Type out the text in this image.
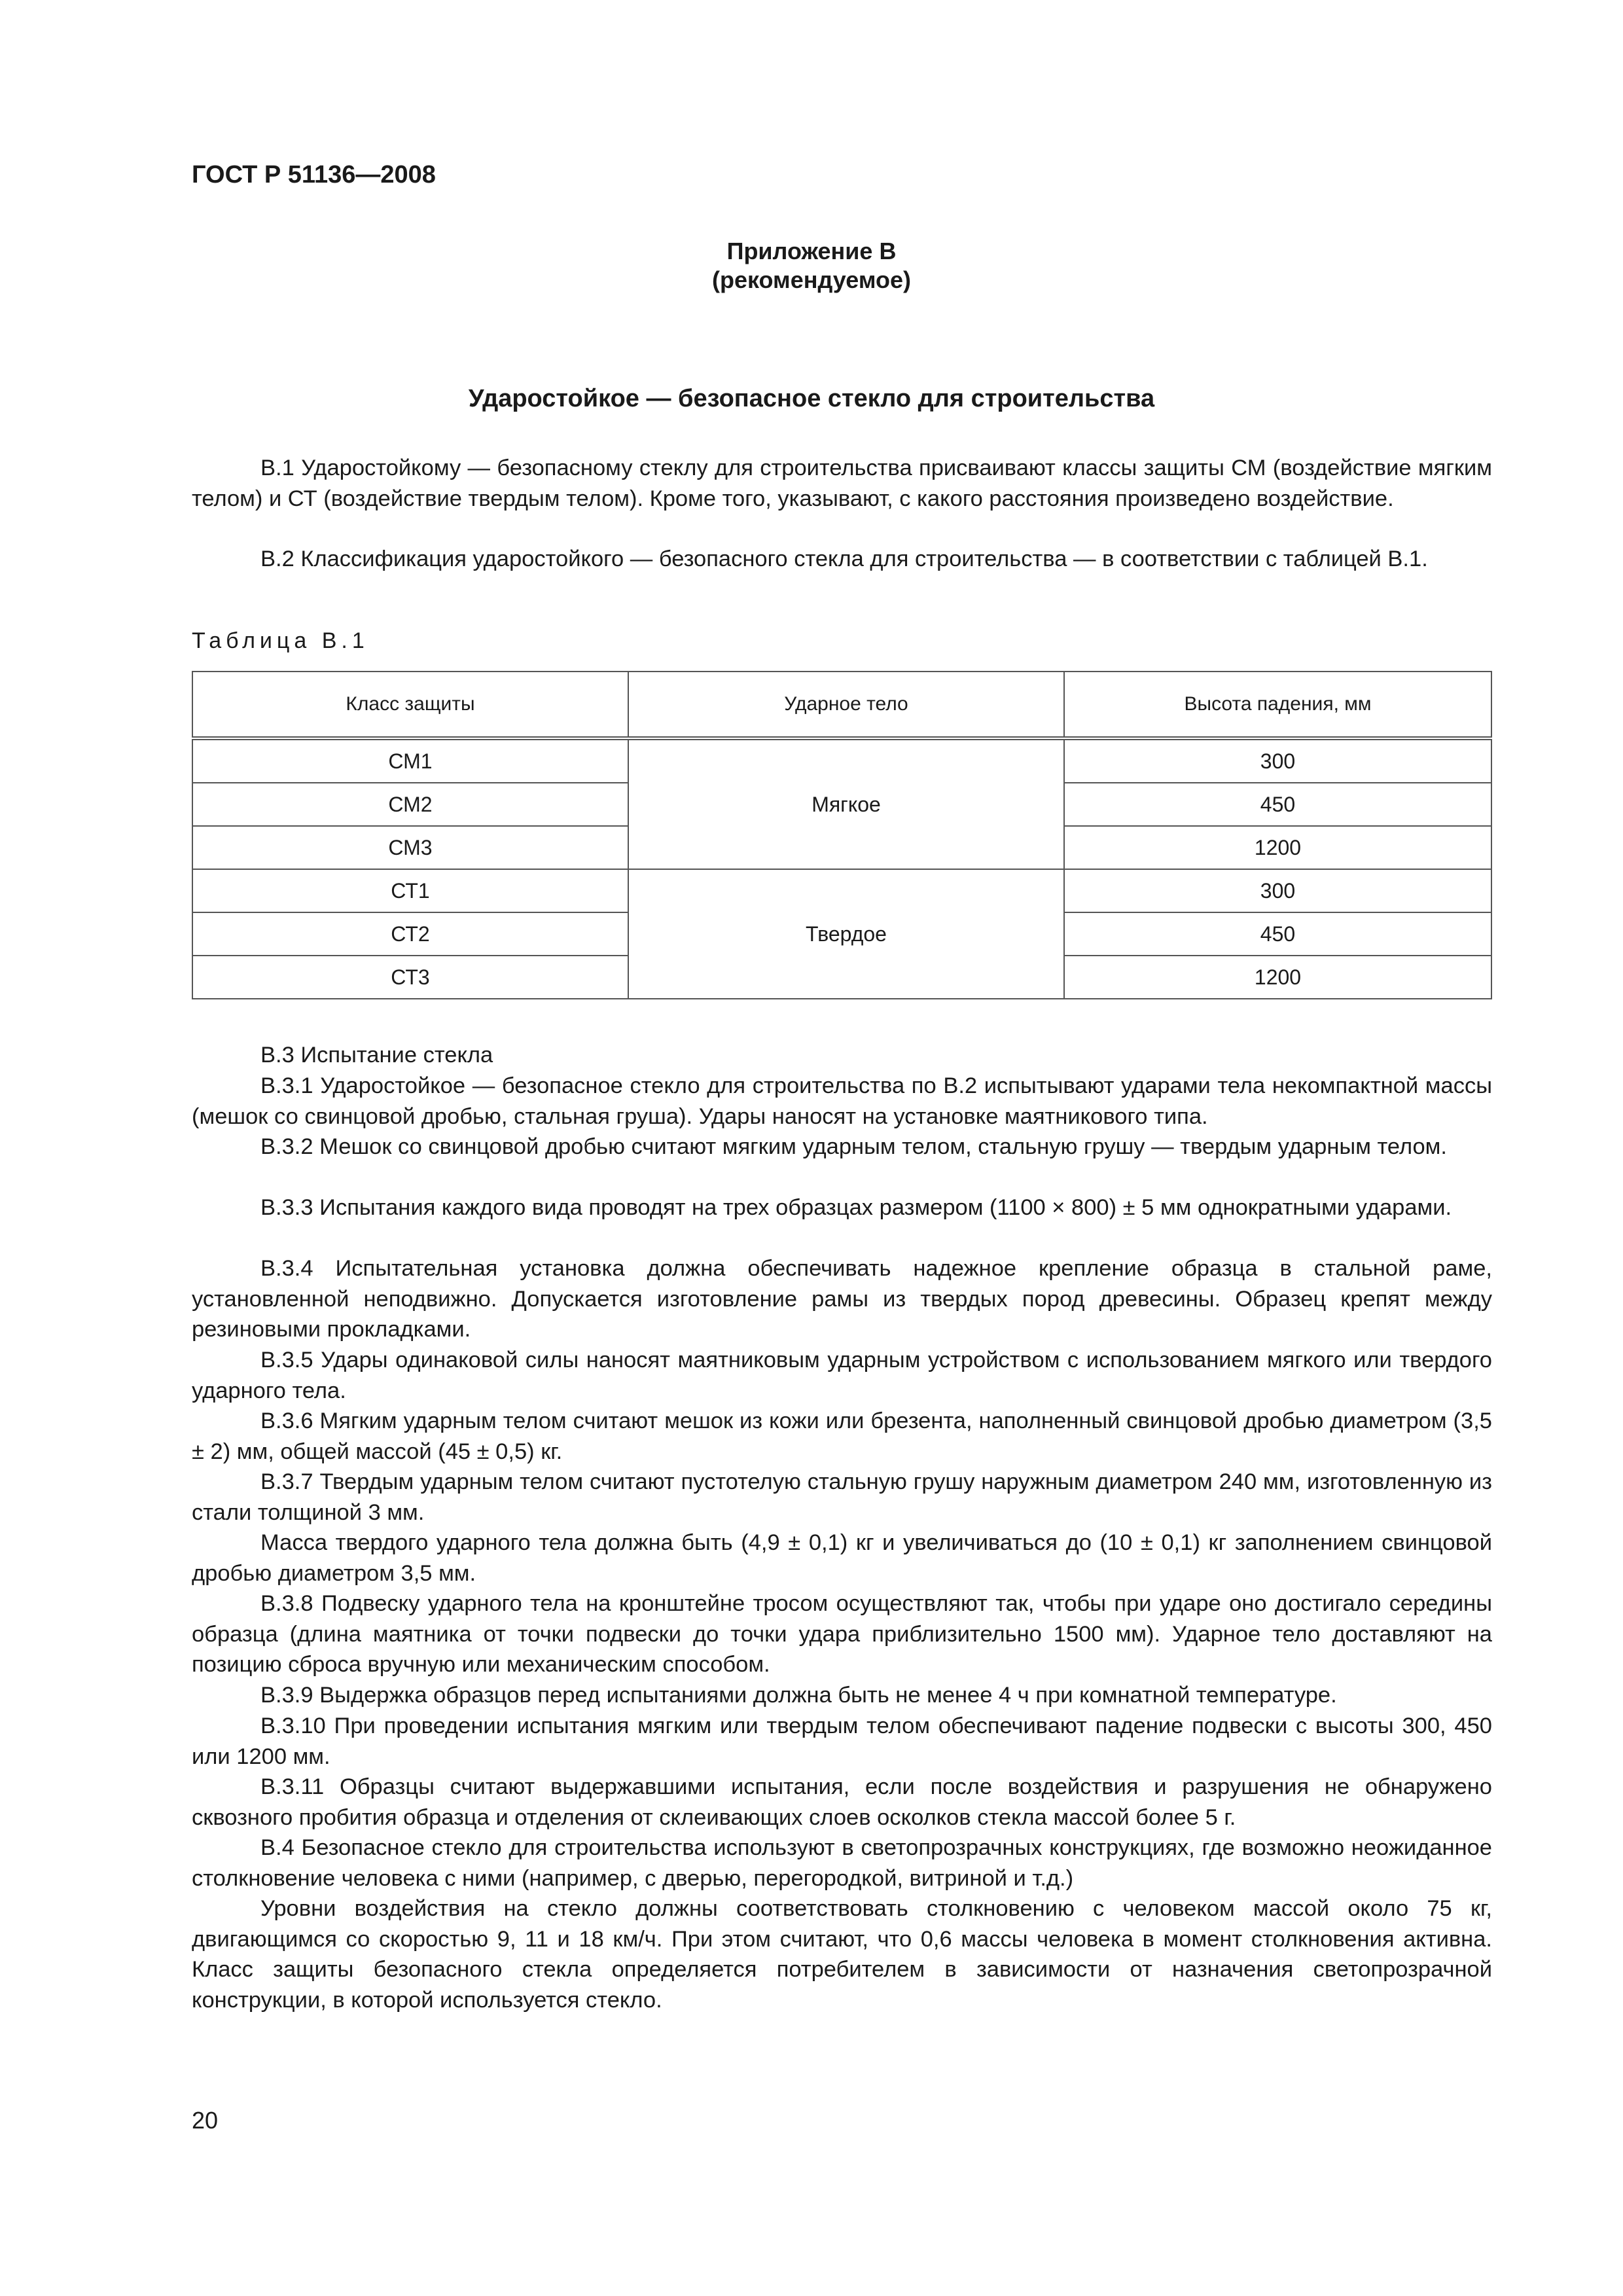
ГОСТ Р 51136—2008
Приложение В
(рекомендуемое)
Ударостойкое — безопасное стекло для строительства

В.1 Ударостойкому — безопасному стеклу для строительства присваивают классы защиты СМ (воздействие мягким телом) и СТ (воздействие твердым телом). Кроме того, указывают, с какого расстояния произведено воздействие.

В.2 Классификация ударостойкого — безопасного стекла для строительства — в соответствии с таблицей В.1.

Таблица В.1
Класс защиты	Ударное тело	Высота падения, мм
СМ1	Мягкое	300
СМ2		450
СМ3		1200
СТ1	Твердое	300
СТ2		450
СТ3		1200

В.3 Испытание стекла

В.3.1 Ударостойкое — безопасное стекло для строительства по В.2 испытывают ударами тела некомпактной массы (мешок со свинцовой дробью, стальная груша). Удары наносят на установке маятникового типа.

В.3.2 Мешок со свинцовой дробью считают мягким ударным телом, стальную грушу — твердым ударным телом.

В.3.3 Испытания каждого вида проводят на трех образцах размером (1100 × 800) ± 5 мм однократными ударами.

В.3.4 Испытательная установка должна обеспечивать надежное крепление образца в стальной раме, установленной неподвижно. Допускается изготовление рамы из твердых пород древесины. Образец крепят между резиновыми прокладками.

В.3.5 Удары одинаковой силы наносят маятниковым ударным устройством с использованием мягкого или твердого ударного тела.

В.3.6 Мягким ударным телом считают мешок из кожи или брезента, наполненный свинцовой дробью диаметром (3,5 ± 2) мм, общей массой (45 ± 0,5) кг.

В.3.7 Твердым ударным телом считают пустотелую стальную грушу наружным диаметром 240 мм, изготовленную из стали толщиной 3 мм.

Масса твердого ударного тела должна быть (4,9 ± 0,1) кг и увеличиваться до (10 ± 0,1) кг заполнением свинцовой дробью диаметром 3,5 мм.

В.3.8 Подвеску ударного тела на кронштейне тросом осуществляют так, чтобы при ударе оно достигало середины образца (длина маятника от точки подвески до точки удара приблизительно 1500 мм). Ударное тело доставляют на позицию сброса вручную или механическим способом.

В.3.9 Выдержка образцов перед испытаниями должна быть не менее 4 ч при комнатной температуре.

В.3.10 При проведении испытания мягким или твердым телом обеспечивают падение подвески с высоты 300, 450 или 1200 мм.

В.3.11 Образцы считают выдержавшими испытания, если после воздействия и разрушения не обнаружено сквозного пробития образца и отделения от склеивающих слоев осколков стекла массой более 5 г.

В.4 Безопасное стекло для строительства используют в светопрозрачных конструкциях, где возможно неожиданное столкновение человека с ними (например, с дверью, перегородкой, витриной и т.д.)

Уровни воздействия на стекло должны соответствовать столкновению с человеком массой около 75 кг, двигающимся со скоростью 9, 11 и 18 км/ч. При этом считают, что 0,6 массы человека в момент столкновения активна. Класс защиты безопасного стекла определяется потребителем в зависимости от назначения светопрозрачной конструкции, в которой используется стекло.

20
